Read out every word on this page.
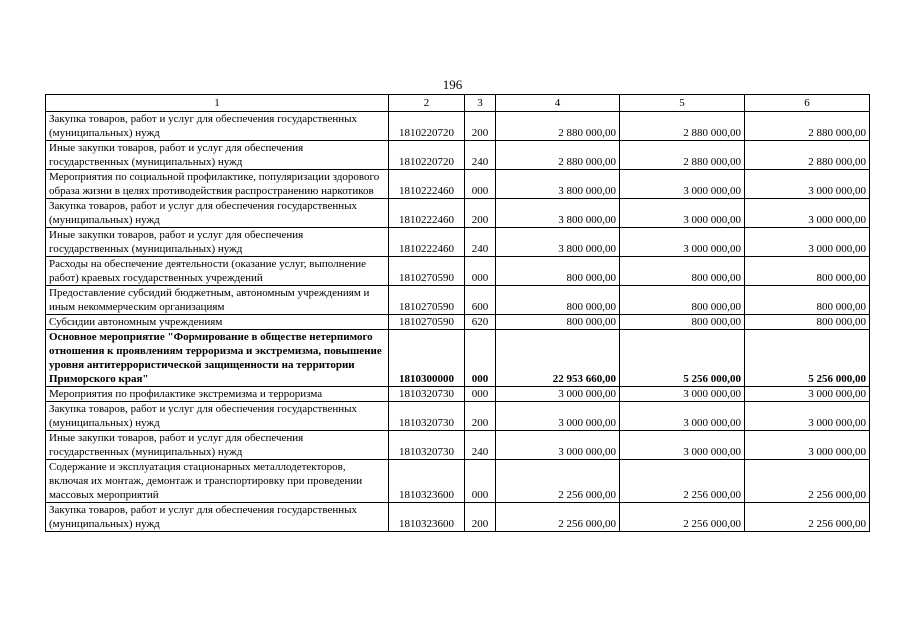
196
1	2	3	4	5	6
Закупка товаров, работ и услуг для обеспечения государственных (муниципальных) нужд	1810220720	200	2 880 000,00	2 880 000,00	2 880 000,00
Иные закупки товаров, работ и услуг для обеспечения государственных (муниципальных) нужд	1810220720	240	2 880 000,00	2 880 000,00	2 880 000,00
Мероприятия по социальной профилактике, популяризации здорового образа жизни в целях противодействия распространению наркотиков	1810222460	000	3 800 000,00	3 000 000,00	3 000 000,00
Закупка товаров, работ и услуг для обеспечения государственных (муниципальных) нужд	1810222460	200	3 800 000,00	3 000 000,00	3 000 000,00
Иные закупки товаров, работ и услуг для обеспечения государственных (муниципальных) нужд	1810222460	240	3 800 000,00	3 000 000,00	3 000 000,00
Расходы на обеспечение деятельности (оказание услуг, выполнение работ) краевых государственных учреждений	1810270590	000	800 000,00	800 000,00	800 000,00
Предоставление субсидий бюджетным, автономным учреждениям и иным некоммерческим организациям	1810270590	600	800 000,00	800 000,00	800 000,00
Субсидии автономным учреждениям	1810270590	620	800 000,00	800 000,00	800 000,00
Основное мероприятие "Формирование в обществе нетерпимого отношения к проявлениям терроризма и экстремизма, повышение уровня антитеррористической защищенности на территории Приморского края"	1810300000	000	22 953 660,00	5 256 000,00	5 256 000,00
Мероприятия по профилактике экстремизма и терроризма	1810320730	000	3 000 000,00	3 000 000,00	3 000 000,00
Закупка товаров, работ и услуг для обеспечения государственных (муниципальных) нужд	1810320730	200	3 000 000,00	3 000 000,00	3 000 000,00
Иные закупки товаров, работ и услуг для обеспечения государственных (муниципальных) нужд	1810320730	240	3 000 000,00	3 000 000,00	3 000 000,00
Содержание и эксплуатация стационарных металлодетекторов, включая их монтаж, демонтаж и транспортировку при проведении массовых мероприятий	1810323600	000	2 256 000,00	2 256 000,00	2 256 000,00
Закупка товаров, работ и услуг для обеспечения государственных (муниципальных) нужд	1810323600	200	2 256 000,00	2 256 000,00	2 256 000,00
